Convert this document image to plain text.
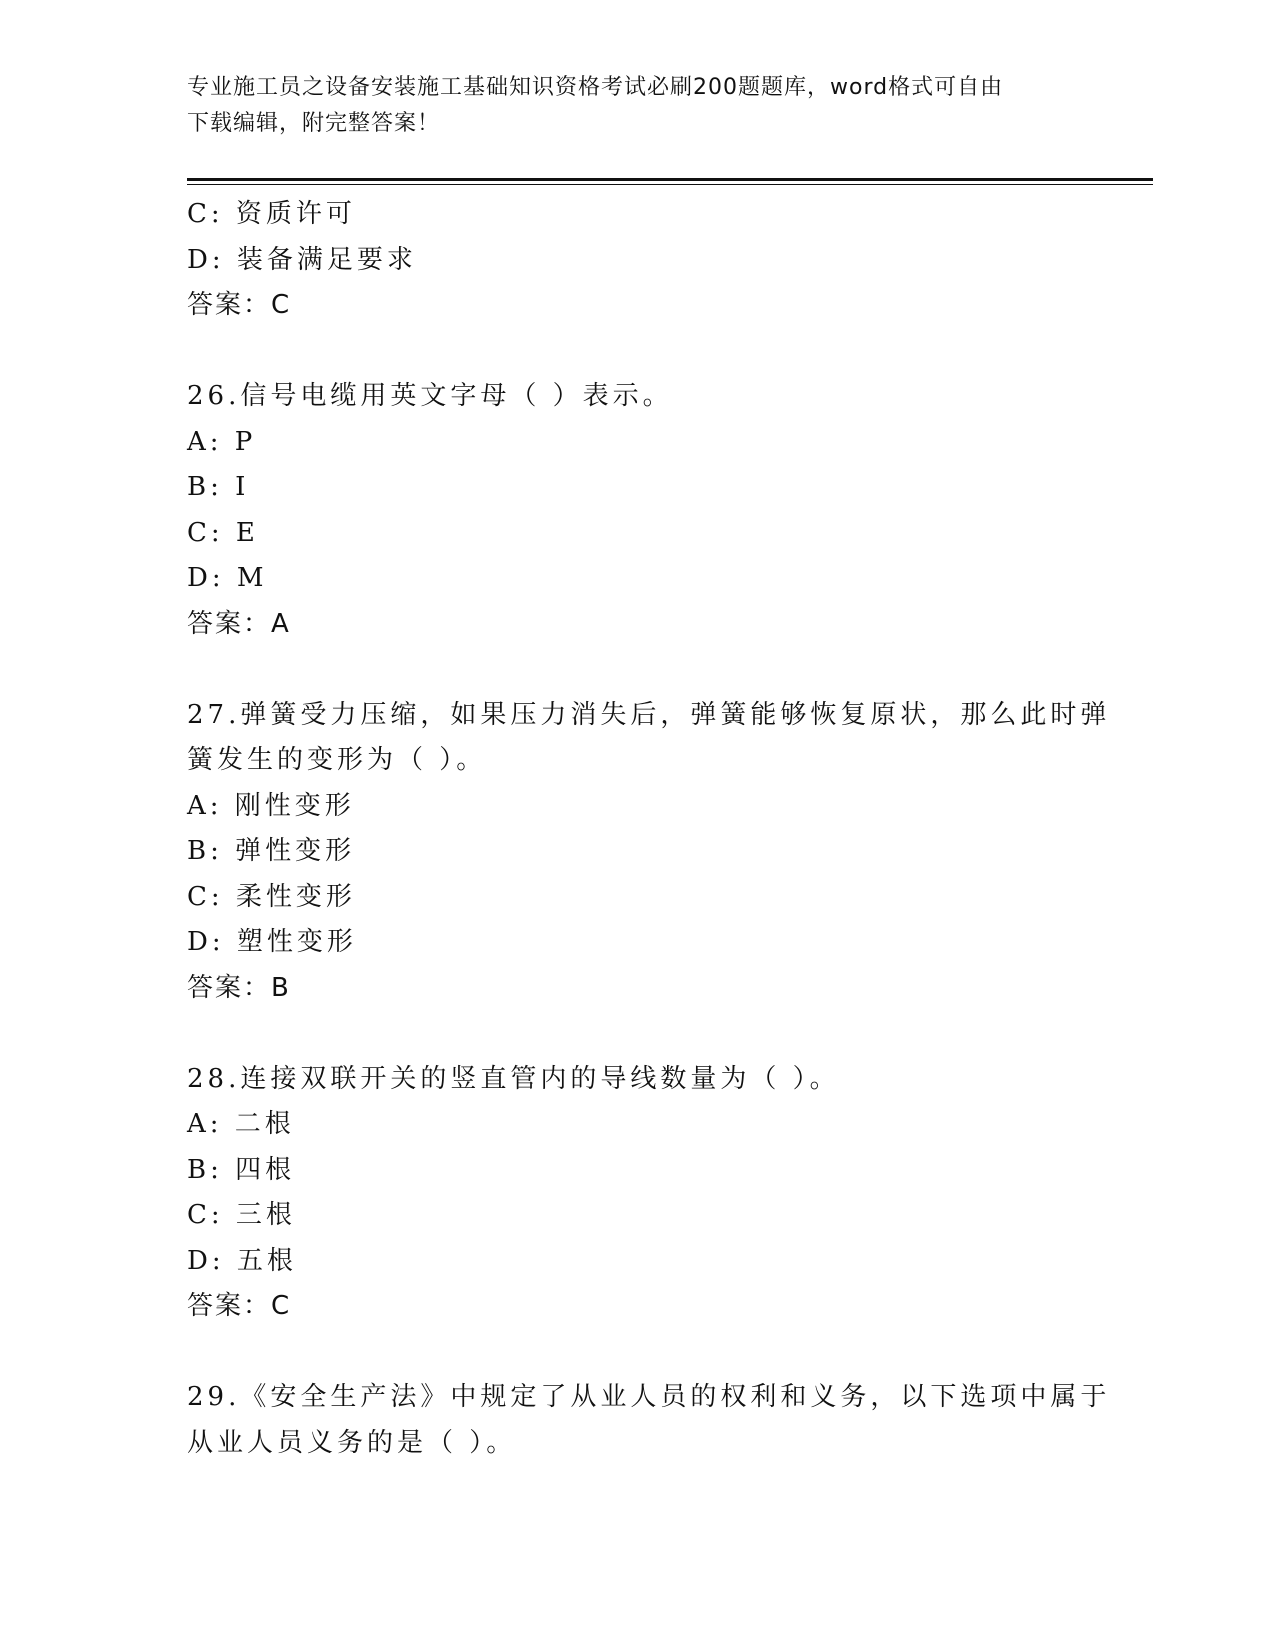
专业施工员之设备安装施工基础知识资格考试必刷200题题库，word格式可自由
下载编辑，附完整答案！
C: 资质许可
D: 装备满足要求
答案：C
26.信号电缆用英文字母（ ）表示。
A: P
B: I
C: E
D: M
答案：A
27.弹簧受力压缩，如果压力消失后，弹簧能够恢复原状，那么此时弹
簧发生的变形为（ ）。
A: 刚性变形
B: 弹性变形
C: 柔性变形
D: 塑性变形
答案：B
28.连接双联开关的竖直管内的导线数量为（ ）。
A: 二根
B: 四根
C: 三根
D: 五根
答案：C
29.《安全生产法》中规定了从业人员的权利和义务，以下选项中属于
从业人员义务的是（ ）。
